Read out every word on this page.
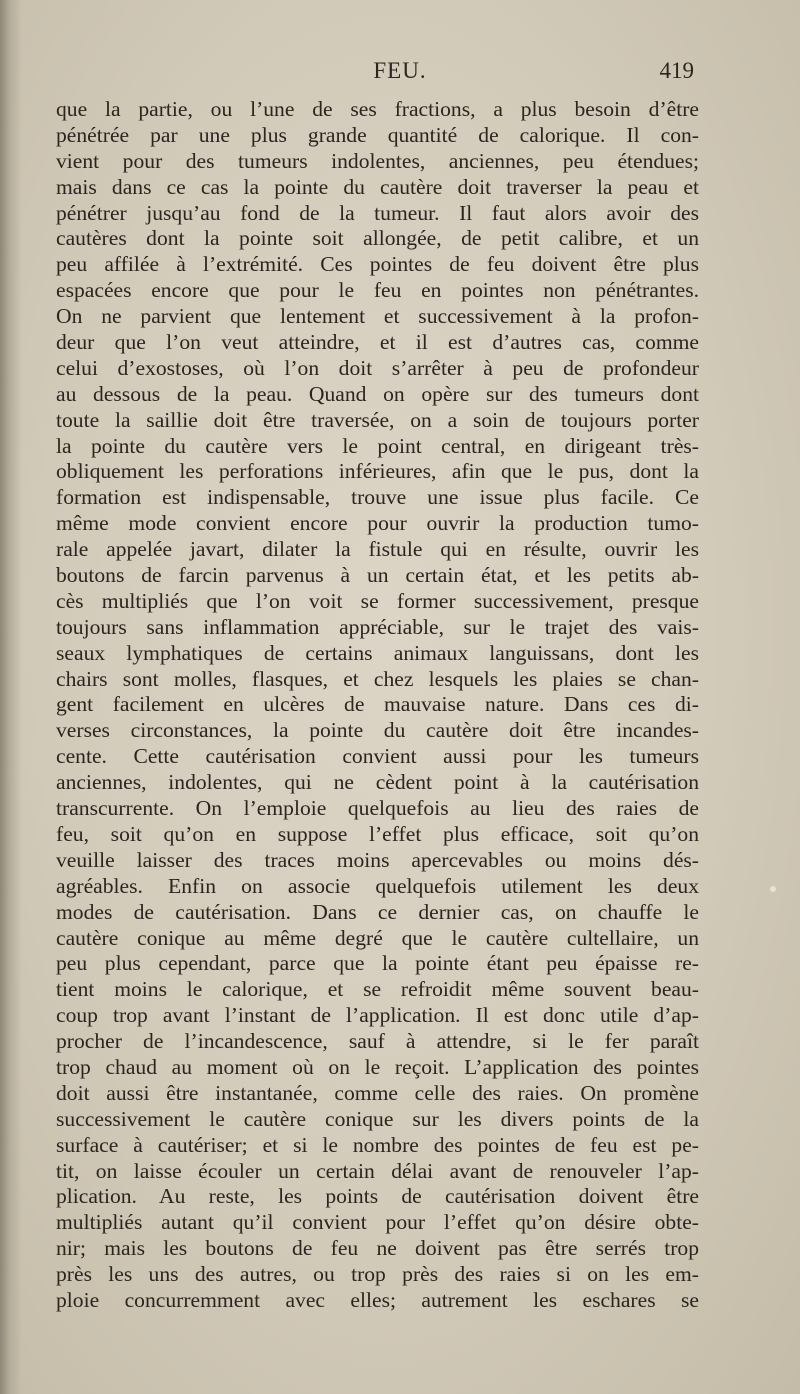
FEU.	419
que la partie, ou l’une de ses fractions, a plus besoin d’être
pénétrée par une plus grande quantité de calorique. Il con-
vient pour des tumeurs indolentes, anciennes, peu étendues;
mais dans ce cas la pointe du cautère doit traverser la peau et
pénétrer jusqu’au fond de la tumeur. Il faut alors avoir des
cautères dont la pointe soit allongée, de petit calibre, et un
peu affilée à l’extrémité. Ces pointes de feu doivent être plus
espacées encore que pour le feu en pointes non pénétrantes.
On ne parvient que lentement et successivement à la profon-
deur que l’on veut atteindre, et il est d’autres cas, comme
celui d’exostoses, où l’on doit s’arrêter à peu de profondeur
au dessous de la peau. Quand on opère sur des tumeurs dont
toute la saillie doit être traversée, on a soin de toujours porter
la pointe du cautère vers le point central, en dirigeant très-
obliquement les perforations inférieures, afin que le pus, dont la
formation est indispensable, trouve une issue plus facile. Ce
même mode convient encore pour ouvrir la production tumo-
rale appelée javart, dilater la fistule qui en résulte, ouvrir les
boutons de farcin parvenus à un certain état, et les petits ab-
cès multipliés que l’on voit se former successivement, presque
toujours sans inflammation appréciable, sur le trajet des vais-
seaux lymphatiques de certains animaux languissans, dont les
chairs sont molles, flasques, et chez lesquels les plaies se chan-
gent facilement en ulcères de mauvaise nature. Dans ces di-
verses circonstances, la pointe du cautère doit être incandes-
cente. Cette cautérisation convient aussi pour les tumeurs
anciennes, indolentes, qui ne cèdent point à la cautérisation
transcurrente. On l’emploie quelquefois au lieu des raies de
feu, soit qu’on en suppose l’effet plus efficace, soit qu’on
veuille laisser des traces moins apercevables ou moins dés-
agréables. Enfin on associe quelquefois utilement les deux
modes de cautérisation. Dans ce dernier cas, on chauffe le
cautère conique au même degré que le cautère cultellaire, un
peu plus cependant, parce que la pointe étant peu épaisse re-
tient moins le calorique, et se refroidit même souvent beau-
coup trop avant l’instant de l’application. Il est donc utile d’ap-
procher de l’incandescence, sauf à attendre, si le fer paraît
trop chaud au moment où on le reçoit. L’application des pointes
doit aussi être instantanée, comme celle des raies. On promène
successivement le cautère conique sur les divers points de la
surface à cautériser; et si le nombre des pointes de feu est pe-
tit, on laisse écouler un certain délai avant de renouveler l’ap-
plication. Au reste, les points de cautérisation doivent être
multipliés autant qu’il convient pour l’effet qu’on désire obte-
nir; mais les boutons de feu ne doivent pas être serrés trop
près les uns des autres, ou trop près des raies si on les em-
ploie concurremment avec elles; autrement les eschares se
